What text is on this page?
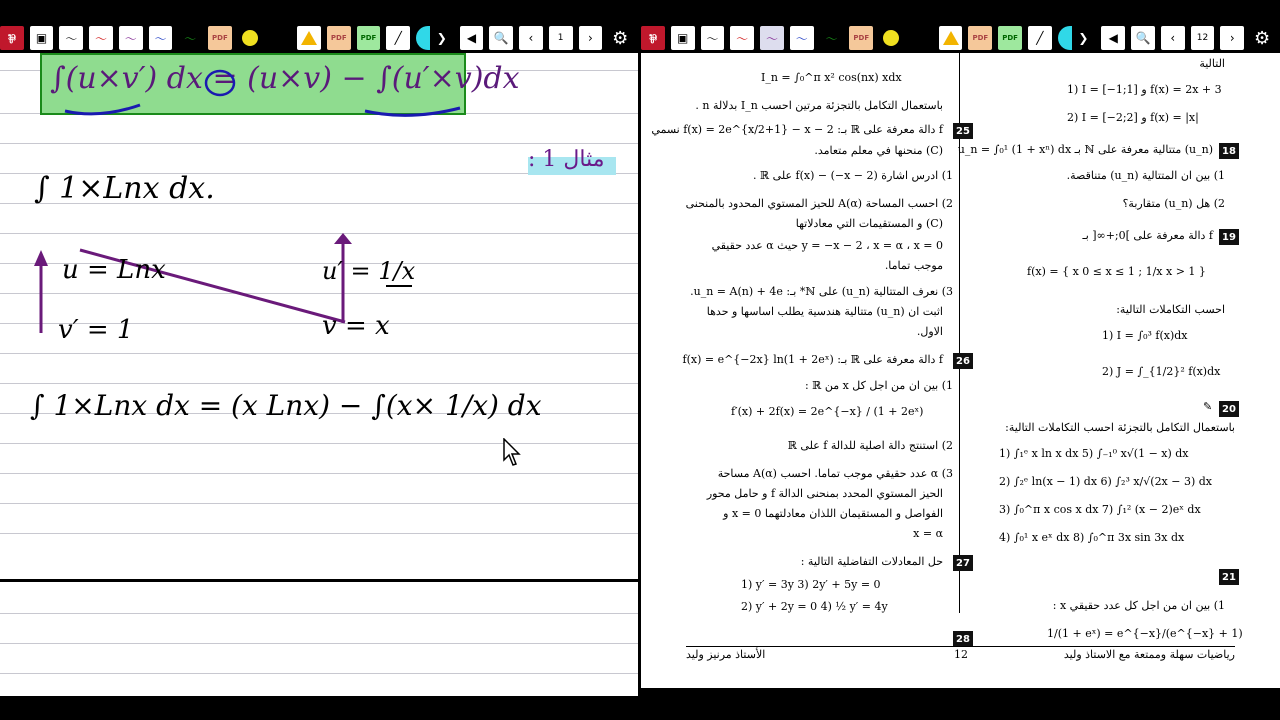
⅌	▣	〜	〜	〜	〜	〜	PDF	PDF	PDF	╱	❯	◀	🔍	‹	1	›	⚙
∫(u×v′) dx = (u×v) − ∫(u′×v)dx
مثال 1 :
∫ 1×Lnx dx.
u = Lnx
v′ = 1
u′ = 1/x
v = x
∫ 1×Lnx dx = (x Lnx) − ∫(x× 1/x) dx
⅌	▣	〜	〜	〜	〜	〜	PDF	PDF	PDF	╱	❯	◀	🔍	‹	12	›	⚙
I_n = ∫₀^π x² cos(nx) xdx
باستعمال التكامل بالتجزئة مرتين احسب I_n بدلالة n .
25
f دالة معرفة على ℝ بـ: f(x) = 2e^{x/2+1} − x − 2 نسمي
(C) منحنها في معلم متعامد.
1) ادرس اشارة f(x) − (−x − 2) على ℝ .
2) احسب المساحة A(α) للحيز المستوي المحدود بالمنحنى
(C) و المستقيمات التي معادلاتها
y = −x − 2 ، x = α ، x = 0 حيث α عدد حقيقي
موجب تماما.
3) نعرف المتتالية (u_n) على ℕ* بـ: u_n = A(n) + 4e.
اثبت ان (u_n) متتالية هندسية يطلب اساسها و حدها
الاول.
26
f دالة معرفة على ℝ بـ: f(x) = e^{−2x} ln(1 + 2eˣ)
1) بين ان من اجل كل x من ℝ :
f′(x) + 2f(x) = 2e^{−x} / (1 + 2eˣ)
2) استنتج دالة اصلية للدالة f على ℝ
3) α عدد حقيقي موجب تماما. احسب A(α) مساحة
الحيز المستوي المحدد بمنحنى الدالة f و حامل محور
الفواصل و المستقيمان اللذان معادلتهما x = 0 و
x = α
27
حل المعادلات التفاضلية التالية :
1) y′ = 3y 3) 2y′ + 5y = 0
2) y′ + 2y = 0 4) ½ y′ = 4y
28
التالية
1) I = [−1;1] و f(x) = 2x + 3
2) I = [−2;2] و f(x) = |x|
18
(u_n) متتالية معرفة على ℕ بـ u_n = ∫₀¹ (1 + xⁿ) dx
1) بين ان المتتالية (u_n) متناقصة.
2) هل (u_n) متقاربة؟
19
f دالة معرفة على ]0;+∞[ بـ
f(x) = { x 0 ≤ x ≤ 1 ; 1/x x > 1 }
احسب التكاملات التالية:
1) I = ∫₀³ f(x)dx
2) J = ∫_{1/2}² f(x)dx
20
✎
باستعمال التكامل بالتجزئة احسب التكاملات التالية:
1) ∫₁ᵉ x ln x dx 5) ∫₋₁⁰ x√(1 − x) dx
2) ∫₂ᵉ ln(x − 1) dx 6) ∫₂³ x/√(2x − 3) dx
3) ∫₀^π x cos x dx 7) ∫₁² (x − 2)eˣ dx
4) ∫₀¹ x eˣ dx 8) ∫₀^π 3x sin 3x dx
21
1) بين ان من اجل كل عدد حقيقي x :
1/(1 + eˣ) = e^{−x}/(e^{−x} + 1)
رياضيات سهلة وممتعة مع الاستاذ وليد
12
الأستاذ مرنيز وليد
